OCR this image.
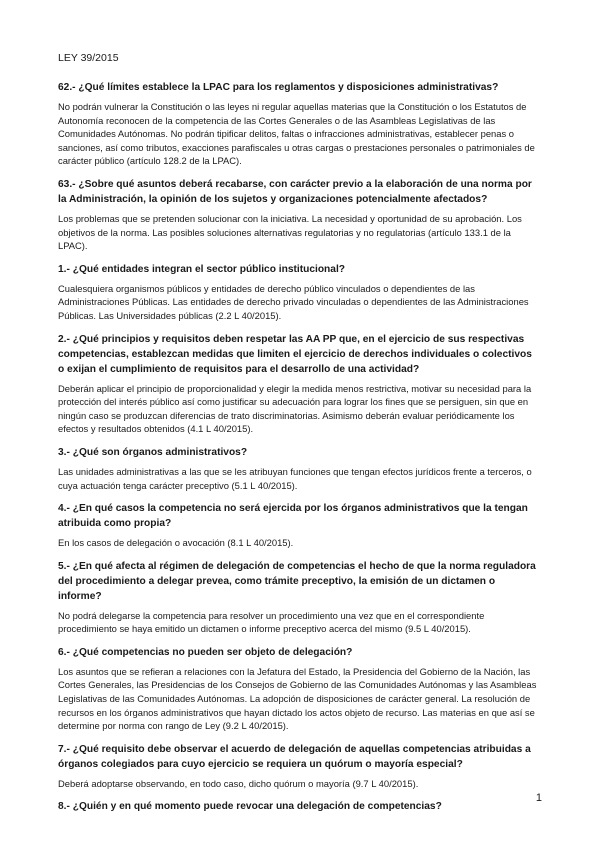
LEY 39/2015

62.- ¿Qué límites establece la LPAC para los reglamentos y disposiciones administrativas?

No podrán vulnerar la Constitución o las leyes ni regular aquellas materias que la Constitución o los Estatutos de Autonomía reconocen de la competencia de las Cortes Generales o de las Asambleas Legislativas de las Comunidades Autónomas. No podrán tipificar delitos, faltas o infracciones administrativas, establecer penas o sanciones, así como tributos, exacciones parafiscales u otras cargas o prestaciones personales o patrimoniales de carácter público (artículo 128.2 de la LPAC).

63.- ¿Sobre qué asuntos deberá recabarse, con carácter previo a la elaboración de una norma por la Administración, la opinión de los sujetos y organizaciones potencialmente afectados?

Los problemas que se pretenden solucionar con la iniciativa. La necesidad y oportunidad de su aprobación. Los objetivos de la norma. Las posibles soluciones alternativas regulatorias y no regulatorias (artículo 133.1 de la LPAC).

1.- ¿Qué entidades integran el sector público institucional?

Cualesquiera organismos públicos y entidades de derecho público vinculados o dependientes de las Administraciones Públicas. Las entidades de derecho privado vinculadas o dependientes de las Administraciones Públicas. Las Universidades públicas (2.2 L 40/2015).

2.- ¿Qué principios y requisitos deben respetar las AA PP que, en el ejercicio de sus respectivas competencias, establezcan medidas que limiten el ejercicio de derechos individuales o colectivos o exijan el cumplimiento de requisitos para el desarrollo de una actividad?

Deberán aplicar el principio de proporcionalidad y elegir la medida menos restrictiva, motivar su necesidad para la protección del interés público así como justificar su adecuación para lograr los fines que se persiguen, sin que en ningún caso se produzcan diferencias de trato discriminatorias. Asimismo deberán evaluar periódicamente los efectos y resultados obtenidos (4.1 L 40/2015).

3.- ¿Qué son órganos administrativos?

Las unidades administrativas a las que se les atribuyan funciones que tengan efectos jurídicos frente a terceros, o cuya actuación tenga carácter preceptivo (5.1 L 40/2015).

4.- ¿En qué casos la competencia no será ejercida por los órganos administrativos que la tengan atribuida como propia?

En los casos de delegación o avocación (8.1 L 40/2015).

5.- ¿En qué afecta al régimen de delegación de competencias el hecho de que la norma reguladora del procedimiento a delegar prevea, como trámite preceptivo, la emisión de un dictamen o informe?

No podrá delegarse la competencia para resolver un procedimiento una vez que en el correspondiente procedimiento se haya emitido un dictamen o informe preceptivo acerca del mismo (9.5 L 40/2015).

6.- ¿Qué competencias no pueden ser objeto de delegación?

Los asuntos que se refieran a relaciones con la Jefatura del Estado, la Presidencia del Gobierno de la Nación, las Cortes Generales, las Presidencias de los Consejos de Gobierno de las Comunidades Autónomas y las Asambleas Legislativas de las Comunidades Autónomas. La adopción de disposiciones de carácter general. La resolución de recursos en los órganos administrativos que hayan dictado los actos objeto de recurso. Las materias en que así se determine por norma con rango de Ley (9.2 L 40/2015).

7.- ¿Qué requisito debe observar el acuerdo de delegación de aquellas competencias atribuidas a órganos colegiados para cuyo ejercicio se requiera un quórum o mayoría especial?

Deberá adoptarse observando, en todo caso, dicho quórum o mayoría (9.7 L 40/2015).

8.- ¿Quién y en qué momento puede revocar una delegación de competencias?

1
